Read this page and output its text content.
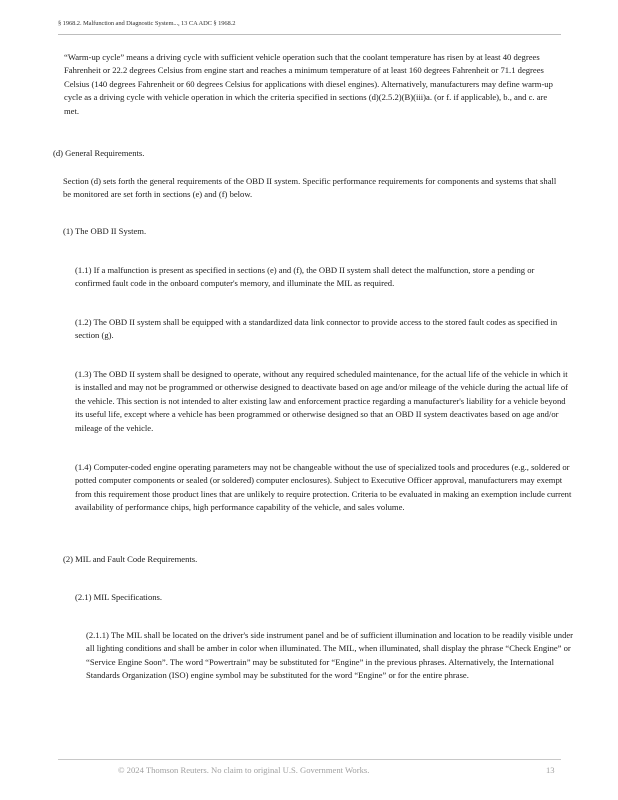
§ 1968.2. Malfunction and Diagnostic System..., 13 CA ADC § 1968.2

“Warm-up cycle” means a driving cycle with sufficient vehicle operation such that the coolant temperature has risen by at least 40 degrees Fahrenheit or 22.2 degrees Celsius from engine start and reaches a minimum temperature of at least 160 degrees Fahrenheit or 71.1 degrees Celsius (140 degrees Fahrenheit or 60 degrees Celsius for applications with diesel engines). Alternatively, manufacturers may define warm-up cycle as a driving cycle with vehicle operation in which the criteria specified in sections (d)(2.5.2)(B)(iii)a. (or f. if applicable), b., and c. are met.

(d) General Requirements.

Section (d) sets forth the general requirements of the OBD II system. Specific performance requirements for components and systems that shall be monitored are set forth in sections (e) and (f) below.

(1) The OBD II System.

(1.1) If a malfunction is present as specified in sections (e) and (f), the OBD II system shall detect the malfunction, store a pending or confirmed fault code in the onboard computer's memory, and illuminate the MIL as required.

(1.2) The OBD II system shall be equipped with a standardized data link connector to provide access to the stored fault codes as specified in section (g).

(1.3) The OBD II system shall be designed to operate, without any required scheduled maintenance, for the actual life of the vehicle in which it is installed and may not be programmed or otherwise designed to deactivate based on age and/or mileage of the vehicle during the actual life of the vehicle. This section is not intended to alter existing law and enforcement practice regarding a manufacturer's liability for a vehicle beyond its useful life, except where a vehicle has been programmed or otherwise designed so that an OBD II system deactivates based on age and/or mileage of the vehicle.

(1.4) Computer-coded engine operating parameters may not be changeable without the use of specialized tools and procedures (e.g., soldered or potted computer components or sealed (or soldered) computer enclosures). Subject to Executive Officer approval, manufacturers may exempt from this requirement those product lines that are unlikely to require protection. Criteria to be evaluated in making an exemption include current availability of performance chips, high performance capability of the vehicle, and sales volume.

(2) MIL and Fault Code Requirements.

(2.1) MIL Specifications.

(2.1.1) The MIL shall be located on the driver's side instrument panel and be of sufficient illumination and location to be readily visible under all lighting conditions and shall be amber in color when illuminated. The MIL, when illuminated, shall display the phrase “Check Engine” or “Service Engine Soon”. The word “Powertrain” may be substituted for “Engine” in the previous phrases. Alternatively, the International Standards Organization (ISO) engine symbol may be substituted for the word “Engine” or for the entire phrase.

© 2024 Thomson Reuters. No claim to original U.S. Government Works.	13
